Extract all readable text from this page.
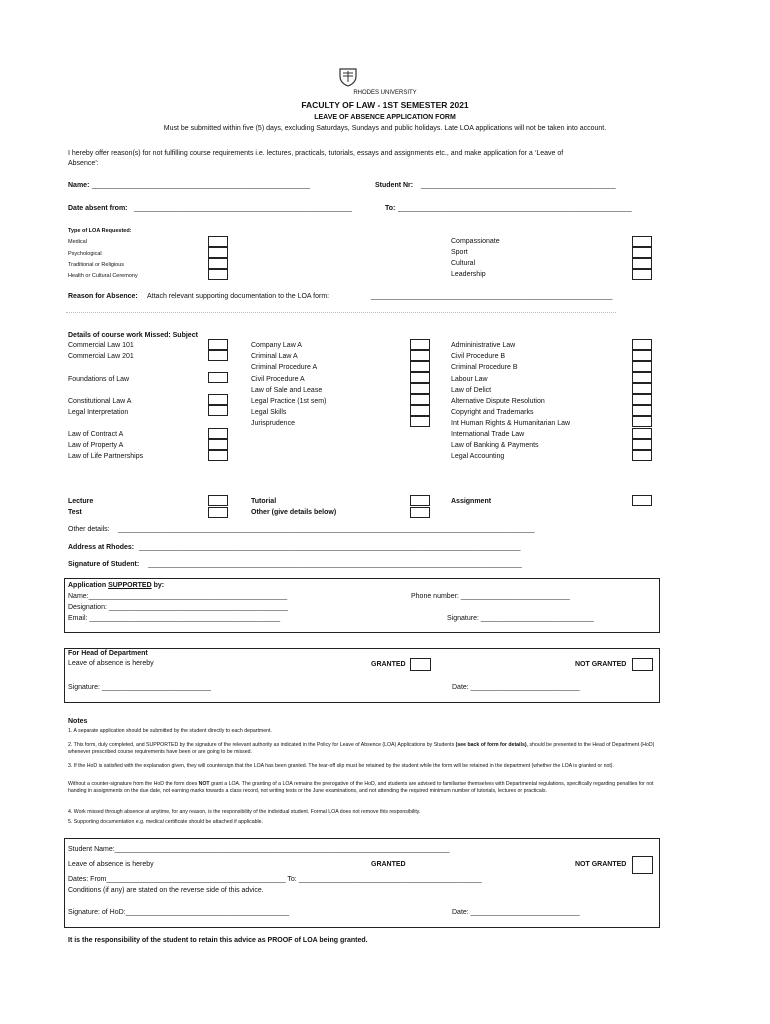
RHODES UNIVERSITY
FACULTY OF LAW - 1ST SEMESTER 2021
LEAVE OF ABSENCE APPLICATION FORM
Must be submitted within five (5) days, excluding Saturdays, Sundays and public holidays. Late LOA applications will not be taken into account.
I hereby offer reason(s) for not fulfilling course requirements i.e. lectures, practicals, tutorials, essays and assignments etc., and make application for a ‘Leave of
Absence’:
Name: ________________________________________________________	Student Nr: __________________________________________________
Date absent from: ________________________________________________________	To: ____________________________________________________________
Type of LOA Requested:
Medical
Psychological
Traditional or Religious
Health or Cultural Ceremony
Compassionate
Sport
Cultural
Leadership
Reason for Absence: Attach relevant supporting documentation to the LOA form:	______________________________________________________________
Details of course work Missed: Subject
Commercial Law 101
Commercial Law 201
Foundations of Law
Constitutional Law A
Legal Interpretation
Law of Contract A
Law of Property A
Law of Life Partnerships
Company Law A
Criminal Law A
Criminal Procedure A
Civil Procedure A
Law of Sale and Lease
Legal Practice (1st sem)
Legal Skills
Jurisprudence
Admininistrative Law
Civil Procedure B
Criminal Procedure B
Labour Law
Law of Delict
Alternative Dispute Resolution
Copyright and Trademarks
Int Human Rights & Humanitarian Law
International Trade Law
Law of Banking & Payments
Legal Accounting
Lecture
Test
Tutorial
Other (give details below)
Assignment
Other details: ___________________________________________________________________________________________________________
Address at Rhodes: __________________________________________________________________________________________________
Signature of Student: ________________________________________________________________________________________________
Application SUPPORTED by:
Name:___________________________________________________
Designation: ______________________________________________
Email: _________________________________________________
Phone number: ____________________________
Signature: _____________________________
For Head of Department
Leave of absence is hereby	GRANTED	NOT GRANTED
Signature: ____________________________	Date: ____________________________
Notes
1. A separate application should be submitted by the student directly to each department.
2. This form, duly completed, and SUPPORTED by the signature of the relevant authority as indicated in the Policy for Leave of Absence (LOA) Applications by Students (see back of form for details), should be presented to the Head of Department (HoD) whenever prescribed course requirements have been or are going to be missed.
3. If the HoD is satisfied with the explanation given, they will countersign that the LOA has been granted. The tear-off slip must be retained by the student while the form will be retained in the department (whether the LOA is granted or not).
Without a counter-signature from the HoD the form does NOT grant a LOA. The granting of a LOA remains the prerogative of the HoD, and students are advised to familiarise themselves with Departmental regulations, specifically regarding penalties for not handing in assignments on the due date, not earning marks towards a class record, not writing tests or the June examinations, and not attending the required minimum number of tutorials, lectures or practicals.
4. Work missed through absence at anytime, for any reason, is the responsibility of the individual student. Formal LOA does not remove this responsibility.
5. Supporting documentation e.g. medical certificate should be attached if applicable.
Student Name:______________________________________________________________________________________
Leave of absence is hereby	GRANTED	NOT GRANTED
Dates: From______________________________________________ To: _______________________________________________
Conditions (if any) are stated on the reverse side of this advice.
Signature: of HoD:__________________________________________	Date: ____________________________
It is the responsibility of the student to retain this advice as PROOF of LOA being granted.
